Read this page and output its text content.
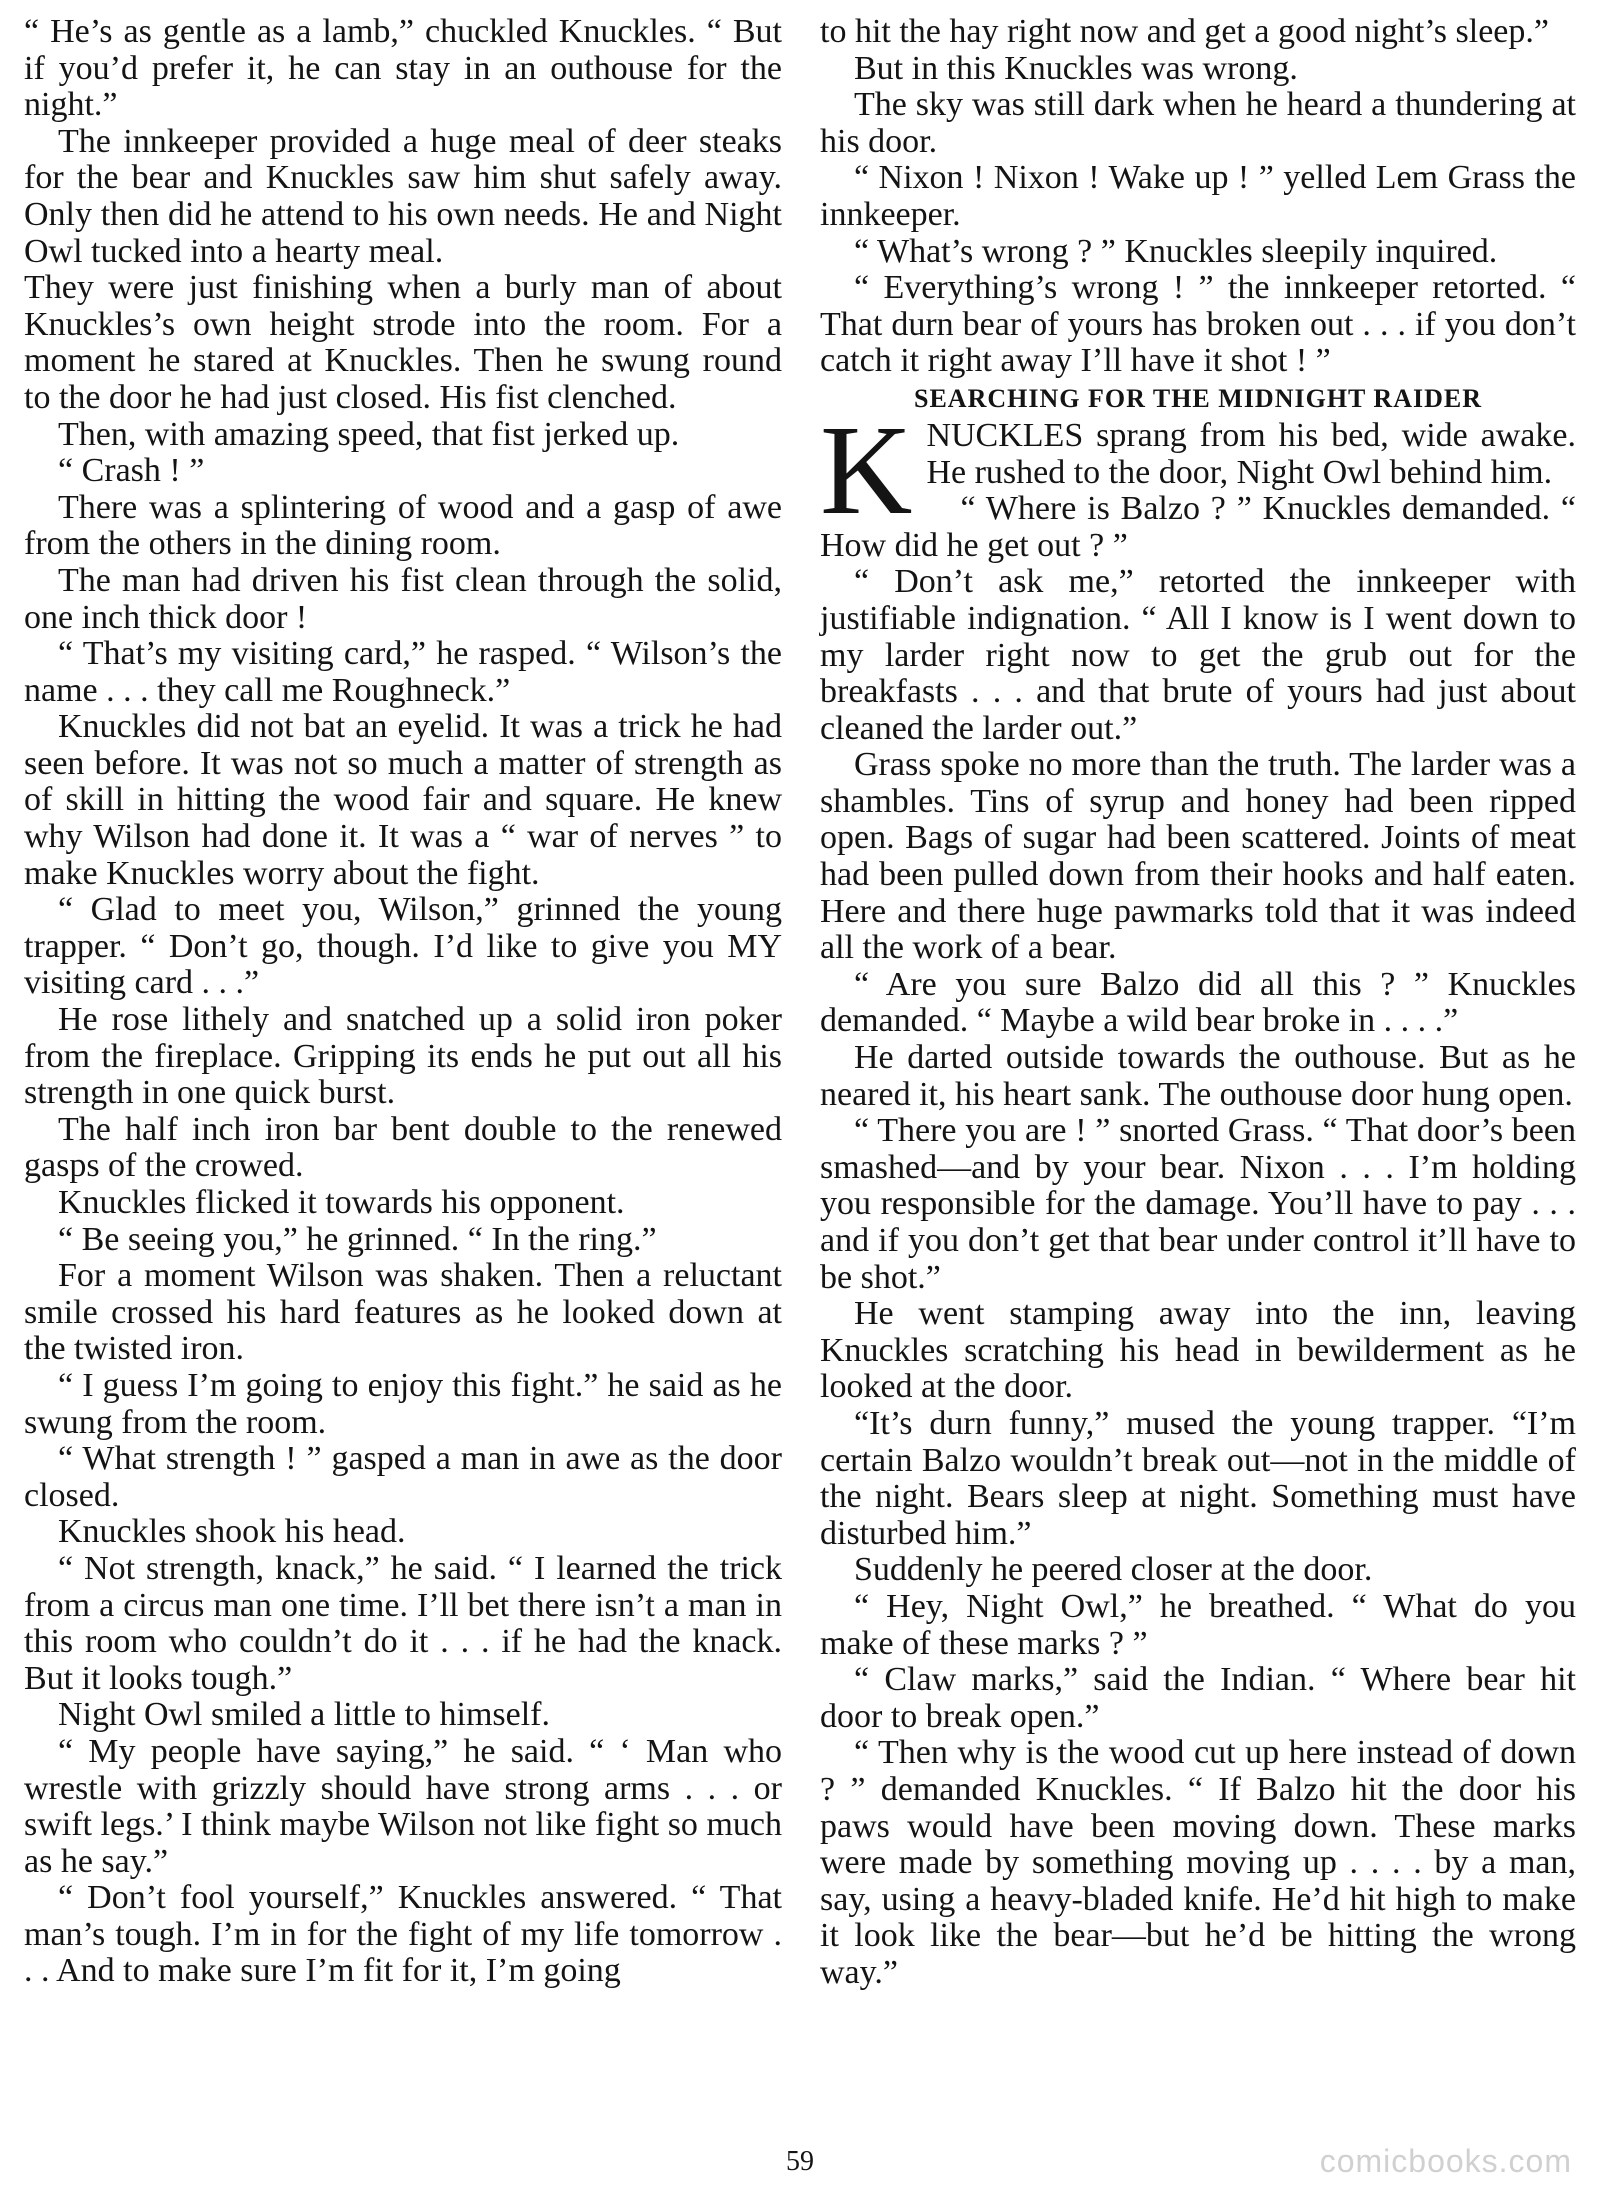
“ He’s as gentle as a lamb,” chuckled Knuckles. “ But if you’d prefer it, he can stay in an outhouse for the night.”

The innkeeper provided a huge meal of deer steaks for the bear and Knuckles saw him shut safely away. Only then did he attend to his own needs. He and Night Owl tucked into a hearty meal.

They were just finishing when a burly man of about Knuckles’s own height strode into the room. For a moment he stared at Knuckles. Then he swung round to the door he had just closed. His fist clenched.

Then, with amazing speed, that fist jerked up.

“ Crash ! ”

There was a splintering of wood and a gasp of awe from the others in the dining room.

The man had driven his fist clean through the solid, one inch thick door !

“ That’s my visiting card,” he rasped. “ Wilson’s the name . . . they call me Roughneck.”

Knuckles did not bat an eyelid. It was a trick he had seen before. It was not so much a matter of strength as of skill in hitting the wood fair and square. He knew why Wilson had done it. It was a “ war of nerves ” to make Knuckles worry about the fight.

“ Glad to meet you, Wilson,” grinned the young trapper. “ Don’t go, though. I’d like to give you MY visiting card . . .”

He rose lithely and snatched up a solid iron poker from the fireplace. Gripping its ends he put out all his strength in one quick burst.

The half inch iron bar bent double to the renewed gasps of the crowed.

Knuckles flicked it towards his opponent.

“ Be seeing you,” he grinned. “ In the ring.”

For a moment Wilson was shaken. Then a reluctant smile crossed his hard features as he looked down at the twisted iron.

“ I guess I’m going to enjoy this fight.” he said as he swung from the room.

“ What strength ! ” gasped a man in awe as the door closed.

Knuckles shook his head.

“ Not strength, knack,” he said. “ I learned the trick from a circus man one time. I’ll bet there isn’t a man in this room who couldn’t do it . . . if he had the knack. But it looks tough.”

Night Owl smiled a little to himself.

“ My people have saying,” he said. “ ‘ Man who wrestle with grizzly should have strong arms . . . or swift legs.’ I think maybe Wilson not like fight so much as he say.”

“ Don’t fool yourself,” Knuckles answered. “ That man’s tough. I’m in for the fight of my life tomorrow . . . And to make sure I’m fit for it, I’m going

to hit the hay right now and get a good night’s sleep.”

But in this Knuckles was wrong.

The sky was still dark when he heard a thundering at his door.

“ Nixon ! Nixon ! Wake up ! ” yelled Lem Grass the innkeeper.

“ What’s wrong ? ” Knuckles sleepily inquired.

“ Everything’s wrong ! ” the innkeeper retorted. “ That durn bear of yours has broken out . . . if you don’t catch it right away I’ll have it shot ! ”

SEARCHING FOR THE MIDNIGHT RAIDER

KNUCKLES sprang from his bed, wide awake. He rushed to the door, Night Owl behind him.

“ Where is Balzo ? ” Knuckles demanded. “ How did he get out ? ”

“ Don’t ask me,” retorted the innkeeper with justifiable indignation. “ All I know is I went down to my larder right now to get the grub out for the breakfasts . . . and that brute of yours had just about cleaned the larder out.”

Grass spoke no more than the truth. The larder was a shambles. Tins of syrup and honey had been ripped open. Bags of sugar had been scattered. Joints of meat had been pulled down from their hooks and half eaten. Here and there huge pawmarks told that it was indeed all the work of a bear.

“ Are you sure Balzo did all this ? ” Knuckles demanded. “ Maybe a wild bear broke in . . . .”

He darted outside towards the outhouse. But as he neared it, his heart sank. The outhouse door hung open.

“ There you are ! ” snorted Grass. “ That door’s been smashed—and by your bear. Nixon . . . I’m holding you responsible for the damage. You’ll have to pay . . . and if you don’t get that bear under control it’ll have to be shot.”

He went stamping away into the inn, leaving Knuckles scratching his head in bewilderment as he looked at the door.

“It’s durn funny,” mused the young trapper. “I’m certain Balzo wouldn’t break out—not in the middle of the night. Bears sleep at night. Something must have disturbed him.”

Suddenly he peered closer at the door.

“ Hey, Night Owl,” he breathed. “ What do you make of these marks ? ”

“ Claw marks,” said the Indian. “ Where bear hit door to break open.”

“ Then why is the wood cut up here instead of down ? ” demanded Knuckles. “ If Balzo hit the door his paws would have been moving down. These marks were made by something moving up . . . . by a man, say, using a heavy-bladed knife. He’d hit high to make it look like the bear—but he’d be hitting the wrong way.”

59	comicbooks.com
